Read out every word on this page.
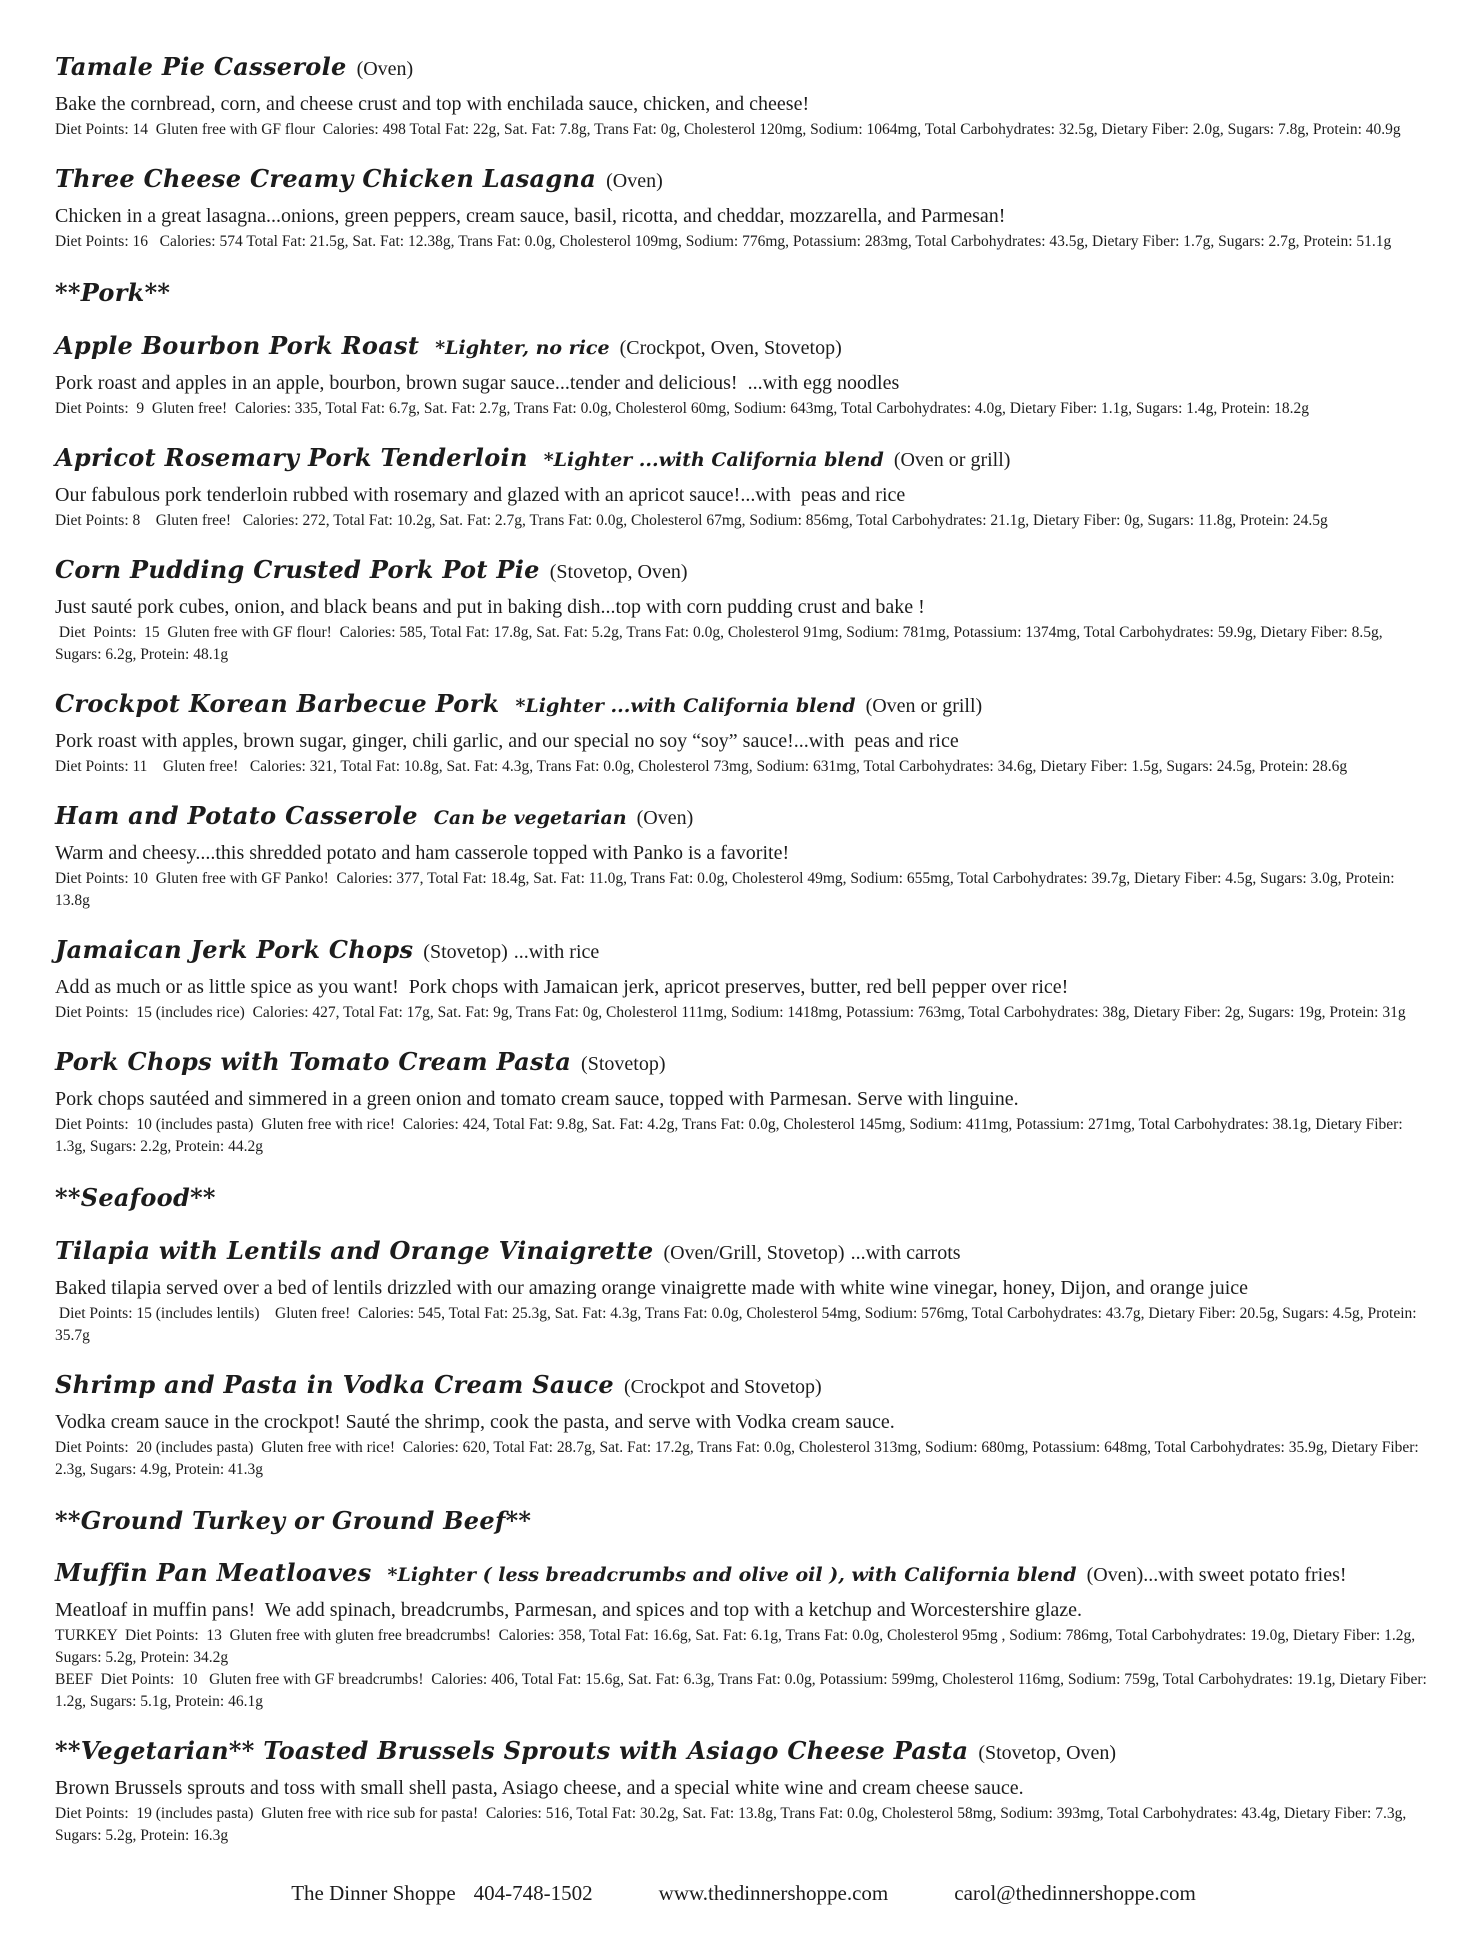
Tamale Pie Casserole (Oven)

Bake the cornbread, corn, and cheese crust and top with enchilada sauce, chicken, and cheese!

Diet Points: 14  Gluten free with GF flour  Calories: 498 Total Fat: 22g, Sat. Fat: 7.8g, Trans Fat: 0g, Cholesterol 120mg, Sodium: 1064mg, Total Carbohydrates: 32.5g, Dietary Fiber: 2.0g, Sugars: 7.8g, Protein: 40.9g
Three Cheese Creamy Chicken Lasagna (Oven)

Chicken in a great lasagna...onions, green peppers, cream sauce, basil, ricotta, and cheddar, mozzarella, and Parmesan!

Diet Points: 16   Calories: 574 Total Fat: 21.5g, Sat. Fat: 12.38g, Trans Fat: 0.0g, Cholesterol 109mg, Sodium: 776mg, Potassium: 283mg, Total Carbohydrates: 43.5g, Dietary Fiber: 1.7g, Sugars: 2.7g, Protein: 51.1g
**Pork**
Apple Bourbon Pork Roast *Lighter, no rice (Crockpot, Oven, Stovetop)

Pork roast and apples in an apple, bourbon, brown sugar sauce...tender and delicious!  ...with egg noodles

Diet Points:  9  Gluten free!  Calories: 335, Total Fat: 6.7g, Sat. Fat: 2.7g, Trans Fat: 0.0g, Cholesterol 60mg, Sodium: 643mg, Total Carbohydrates: 4.0g, Dietary Fiber: 1.1g, Sugars: 1.4g, Protein: 18.2g
Apricot Rosemary Pork Tenderloin *Lighter ...with California blend (Oven or grill)

Our fabulous pork tenderloin rubbed with rosemary and glazed with an apricot sauce!...with  peas and rice

Diet Points: 8    Gluten free!   Calories: 272, Total Fat: 10.2g, Sat. Fat: 2.7g, Trans Fat: 0.0g, Cholesterol 67mg, Sodium: 856mg, Total Carbohydrates: 21.1g, Dietary Fiber: 0g, Sugars: 11.8g, Protein: 24.5g
Corn Pudding Crusted Pork Pot Pie (Stovetop, Oven)

Just sauté pork cubes, onion, and black beans and put in baking dish...top with corn pudding crust and bake !

Diet  Points:  15  Gluten free with GF flour!  Calories: 585, Total Fat: 17.8g, Sat. Fat: 5.2g, Trans Fat: 0.0g, Cholesterol 91mg, Sodium: 781mg, Potassium: 1374mg, Total Carbohydrates: 59.9g, Dietary Fiber: 8.5g, Sugars: 6.2g, Protein: 48.1g
Crockpot Korean Barbecue Pork *Lighter ...with California blend (Oven or grill)

Pork roast with apples, brown sugar, ginger, chili garlic, and our special no soy “soy” sauce!...with  peas and rice

Diet Points: 11    Gluten free!   Calories: 321, Total Fat: 10.8g, Sat. Fat: 4.3g, Trans Fat: 0.0g, Cholesterol 73mg, Sodium: 631mg, Total Carbohydrates: 34.6g, Dietary Fiber: 1.5g, Sugars: 24.5g, Protein: 28.6g
Ham and Potato Casserole Can be vegetarian (Oven)

Warm and cheesy....this shredded potato and ham casserole topped with Panko is a favorite!

Diet Points: 10  Gluten free with GF Panko!  Calories: 377, Total Fat: 18.4g, Sat. Fat: 11.0g, Trans Fat: 0.0g, Cholesterol 49mg, Sodium: 655mg, Total Carbohydrates: 39.7g, Dietary Fiber: 4.5g, Sugars: 3.0g, Protein: 13.8g
Jamaican Jerk Pork Chops (Stovetop) ...with rice

Add as much or as little spice as you want!  Pork chops with Jamaican jerk, apricot preserves, butter, red bell pepper over rice!

Diet Points:  15 (includes rice)  Calories: 427, Total Fat: 17g, Sat. Fat: 9g, Trans Fat: 0g, Cholesterol 111mg, Sodium: 1418mg, Potassium: 763mg, Total Carbohydrates: 38g, Dietary Fiber: 2g, Sugars: 19g, Protein: 31g
Pork Chops with Tomato Cream Pasta (Stovetop)

Pork chops sautéed and simmered in a green onion and tomato cream sauce, topped with Parmesan. Serve with linguine.

Diet Points:  10 (includes pasta)  Gluten free with rice!  Calories: 424, Total Fat: 9.8g, Sat. Fat: 4.2g, Trans Fat: 0.0g, Cholesterol 145mg, Sodium: 411mg, Potassium: 271mg, Total Carbohydrates: 38.1g, Dietary Fiber: 1.3g, Sugars: 2.2g, Protein: 44.2g
**Seafood**
Tilapia with Lentils and Orange Vinaigrette (Oven/Grill, Stovetop) ...with carrots

Baked tilapia served over a bed of lentils drizzled with our amazing orange vinaigrette made with white wine vinegar, honey, Dijon, and orange juice

Diet Points: 15 (includes lentils)    Gluten free!  Calories: 545, Total Fat: 25.3g, Sat. Fat: 4.3g, Trans Fat: 0.0g, Cholesterol 54mg, Sodium: 576mg, Total Carbohydrates: 43.7g, Dietary Fiber: 20.5g, Sugars: 4.5g, Protein: 35.7g
Shrimp and Pasta in Vodka Cream Sauce (Crockpot and Stovetop)

Vodka cream sauce in the crockpot! Sauté the shrimp, cook the pasta, and serve with Vodka cream sauce.

Diet Points:  20 (includes pasta)  Gluten free with rice!  Calories: 620, Total Fat: 28.7g, Sat. Fat: 17.2g, Trans Fat: 0.0g, Cholesterol 313mg, Sodium: 680mg, Potassium: 648mg, Total Carbohydrates: 35.9g, Dietary Fiber: 2.3g, Sugars: 4.9g, Protein: 41.3g
**Ground Turkey or Ground Beef**
Muffin Pan Meatloaves *Lighter ( less breadcrumbs and olive oil ), with California blend (Oven)...with sweet potato fries!

Meatloaf in muffin pans!  We add spinach, breadcrumbs, Parmesan, and spices and top with a ketchup and Worcestershire glaze.

TURKEY  Diet Points:  13  Gluten free with gluten free breadcrumbs!  Calories: 358, Total Fat: 16.6g, Sat. Fat: 6.1g, Trans Fat: 0.0g, Cholesterol 95mg , Sodium: 786mg, Total Carbohydrates: 19.0g, Dietary Fiber: 1.2g, Sugars: 5.2g, Protein: 34.2g
BEEF  Diet Points:  10   Gluten free with GF breadcrumbs!  Calories: 406, Total Fat: 15.6g, Sat. Fat: 6.3g, Trans Fat: 0.0g, Potassium: 599mg, Cholesterol 116mg, Sodium: 759g, Total Carbohydrates: 19.1g, Dietary Fiber: 1.2g, Sugars: 5.1g, Protein: 46.1g
**Vegetarian** Toasted Brussels Sprouts with Asiago Cheese Pasta (Stovetop, Oven)

Brown Brussels sprouts and toss with small shell pasta, Asiago cheese, and a special white wine and cream cheese sauce.

Diet Points:  19 (includes pasta)  Gluten free with rice sub for pasta!  Calories: 516, Total Fat: 30.2g, Sat. Fat: 13.8g, Trans Fat: 0.0g, Cholesterol 58mg, Sodium: 393mg, Total Carbohydrates: 43.4g, Dietary Fiber: 7.3g, Sugars: 5.2g, Protein: 16.3g
The Dinner Shoppe 404-748-1502	www.thedinnershoppe.com	carol@thedinnershoppe.com
